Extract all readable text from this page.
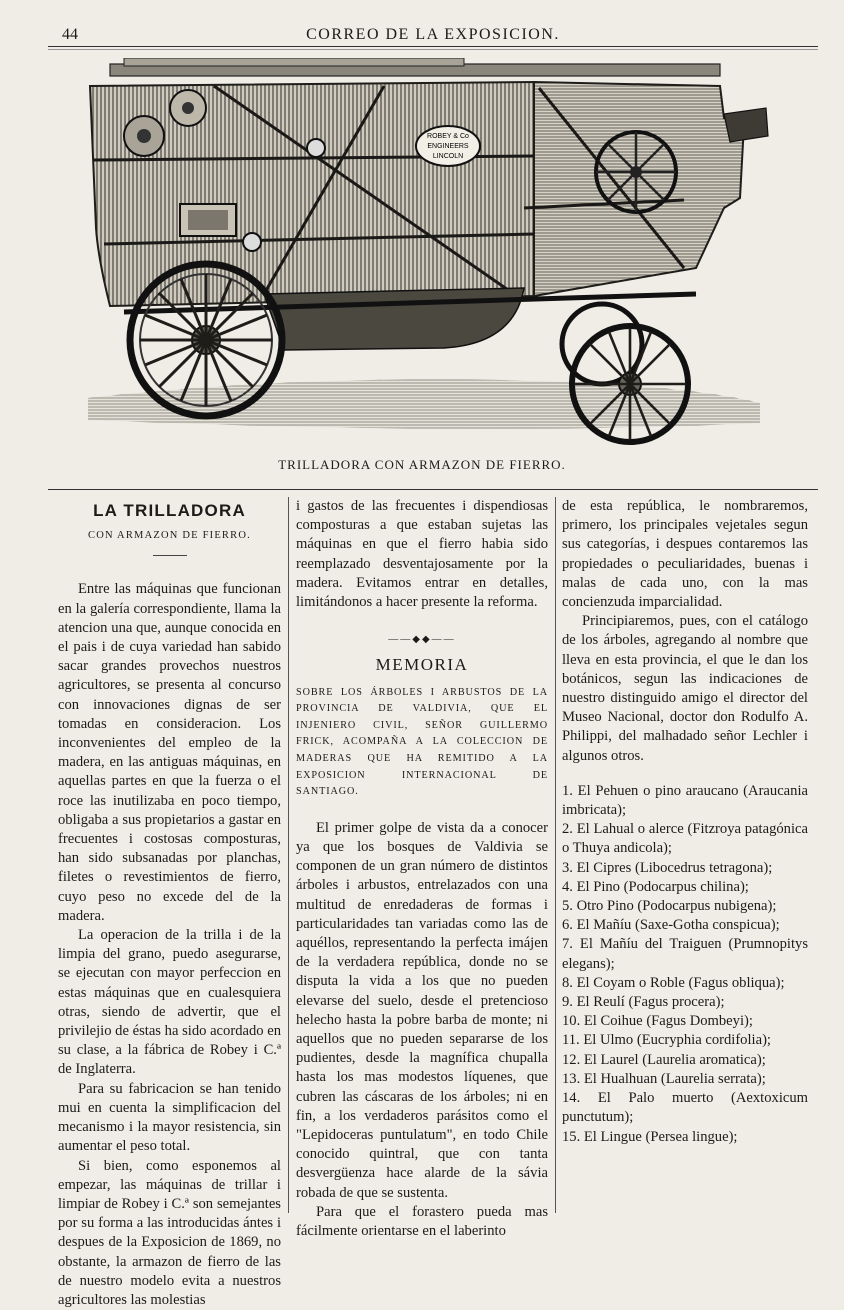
44	CORREO DE LA EXPOSICION.
ROBEY & Co
ENGINEERS
LINCOLN
TRILLADORA CON ARMAZON DE FIERRO.
LA TRILLADORA
CON ARMAZON DE FIERRO.

Entre las máquinas que funcionan en la galería correspondiente, llama la atencion una que, aunque conocida en el pais i de cuya variedad han sabido sacar grandes provechos nuestros agricultores, se presenta al concurso con innovaciones dignas de ser tomadas en consideracion. Los inconvenientes del empleo de la madera, en las antiguas máquinas, en aquellas partes en que la fuerza o el roce las inutilizaba en poco tiempo, obligaba a sus propietarios a gastar en frecuentes i costosas composturas, han sido subsanadas por planchas, filetes o revestimientos de fierro, cuyo peso no excede del de la madera.

La operacion de la trilla i de la limpia del grano, puedo asegurarse, se ejecutan con mayor perfeccion en estas máquinas que en cualesquiera otras, siendo de advertir, que el privilejio de éstas ha sido acordado en su clase, a la fábrica de Robey i C.ª de Inglaterra.

Para su fabricacion se han tenido mui en cuenta la simplificacion del mecanismo i la mayor resistencia, sin aumentar el peso total.

Si bien, como esponemos al empezar, las máquinas de trillar i limpiar de Robey i C.ª son semejantes por su forma a las introducidas ántes i despues de la Exposicion de 1869, no obstante, la armazon de fierro de las de nuestro modelo evita a nuestros agricultores las molestias

i gastos de las frecuentes i dispendiosas composturas a que estaban sujetas las máquinas en que el fierro habia sido reemplazado desventajosamente por la madera. Evitamos entrar en detalles, limitándonos a hacer presente la reforma.

——◆◆——
MEMORIA
SOBRE LOS ÁRBOLES I ARBUSTOS DE LA PROVINCIA DE VALDIVIA, QUE EL INJENIERO CIVIL, SEÑOR GUILLERMO FRICK, ACOMPAÑA A LA COLECCION DE MADERAS QUE HA REMITIDO A LA EXPOSICION INTERNACIONAL DE SANTIAGO.

El primer golpe de vista da a conocer ya que los bosques de Valdivia se componen de un gran número de distintos árboles i arbustos, entrelazados con una multitud de enredaderas de formas i particularidades tan variadas como las de aquéllos, representando la perfecta imájen de la verdadera república, donde no se disputa la vida a los que no pueden elevarse del suelo, desde el pretencioso helecho hasta la pobre barba de monte; ni aquellos que no pueden separarse de los pudientes, desde la magnífica chupalla hasta los mas modestos líquenes, que cubren las cáscaras de los árboles; ni en fin, a los verdaderos parásitos como el "Lepidoceras puntulatum", en todo Chile conocido quintral, que con tanta desvergüenza hace alarde de la sávia robada de que se sustenta.

Para que el forastero pueda mas fácilmente orientarse en el laberinto

de esta república, le nombraremos, primero, los principales vejetales segun sus categorías, i despues contaremos las propiedades o peculiaridades, buenas i malas de cada uno, con la mas concienzuda imparcialidad.

Principiaremos, pues, con el catálogo de los árboles, agregando al nombre que lleva en esta provincia, el que le dan los botánicos, segun las indicaciones de nuestro distinguido amigo el director del Museo Nacional, doctor don Rodulfo A. Philippi, del malhadado señor Lechler i algunos otros.

1. El Pehuen o pino araucano (Araucania imbricata);
2. El Lahual o alerce (Fitzroya patagónica o Thuya andicola);
3. El Cipres (Libocedrus tetragona);
4. El Pino (Podocarpus chilina);
5. Otro Pino (Podocarpus nubigena);
6. El Mañíu (Saxe-Gotha conspicua);
7. El Mañíu del Traiguen (Prumnopitys elegans);
8. El Coyam o Roble (Fagus obliqua);
9. El Reulí (Fagus procera);
10. El Coihue (Fagus Dombeyi);
11. El Ulmo (Eucryphia cordifolia);
12. El Laurel (Laurelia aromatica);
13. El Hualhuan (Laurelia serrata);
14. El Palo muerto (Aextoxicum punctutum);
15. El Lingue (Persea lingue);
